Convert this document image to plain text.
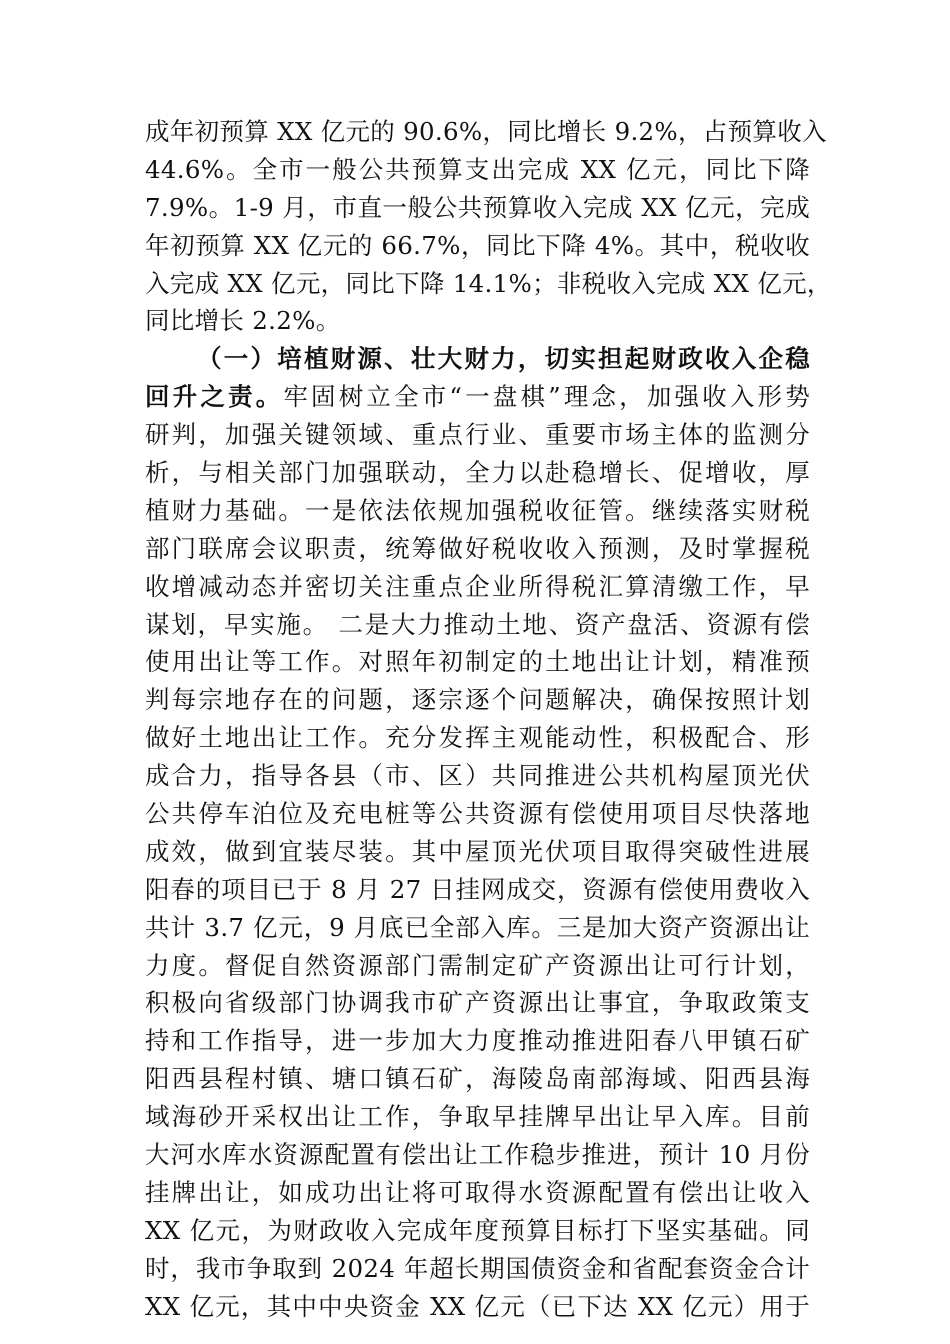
成年初预算 XX 亿元的 90.6%，同比增长 9.2%，占预算收入
44.6%。全市一般公共预算支出完成 XX 亿元，同比下降
7.9%。1-9 月，市直一般公共预算收入完成 XX 亿元，完成
年初预算 XX 亿元的 66.7%，同比下降 4%。其中，税收收
入完成 XX 亿元，同比下降 14.1%；非税收入完成 XX 亿元，
同比增长 2.2%。
（一）培植财源、壮大财力，切实担起财政收入企稳
回升之责。牢固树立全市“一盘棋”理念，加强收入形势
研判，加强关键领域、重点行业、重要市场主体的监测分
析，与相关部门加强联动，全力以赴稳增长、促增收，厚
植财力基础。一是依法依规加强税收征管。继续落实财税
部门联席会议职责，统筹做好税收收入预测，及时掌握税
收增减动态并密切关注重点企业所得税汇算清缴工作，早
谋划，早实施。 二是大力推动土地、资产盘活、资源有偿
使用出让等工作。对照年初制定的土地出让计划，精准预
判每宗地存在的问题，逐宗逐个问题解决，确保按照计划
做好土地出让工作。充分发挥主观能动性，积极配合、形
成合力，指导各县（市、区）共同推进公共机构屋顶光伏
公共停车泊位及充电桩等公共资源有偿使用项目尽快落地
成效，做到宜装尽装。其中屋顶光伏项目取得突破性进展
阳春的项目已于 8 月 27 日挂网成交，资源有偿使用费收入
共计 3.7 亿元，9 月底已全部入库。三是加大资产资源出让
力度。督促自然资源部门需制定矿产资源出让可行计划，
积极向省级部门协调我市矿产资源出让事宜，争取政策支
持和工作指导，进一步加大力度推动推进阳春八甲镇石矿
阳西县程村镇、塘口镇石矿，海陵岛南部海域、阳西县海
域海砂开采权出让工作，争取早挂牌早出让早入库。目前
大河水库水资源配置有偿出让工作稳步推进，预计 10 月份
挂牌出让，如成功出让将可取得水资源配置有偿出让收入
XX 亿元，为财政收入完成年度预算目标打下坚实基础。同
时，我市争取到 2024 年超长期国债资金和省配套资金合计
XX 亿元，其中中央资金 XX 亿元（已下达 XX 亿元）用于
